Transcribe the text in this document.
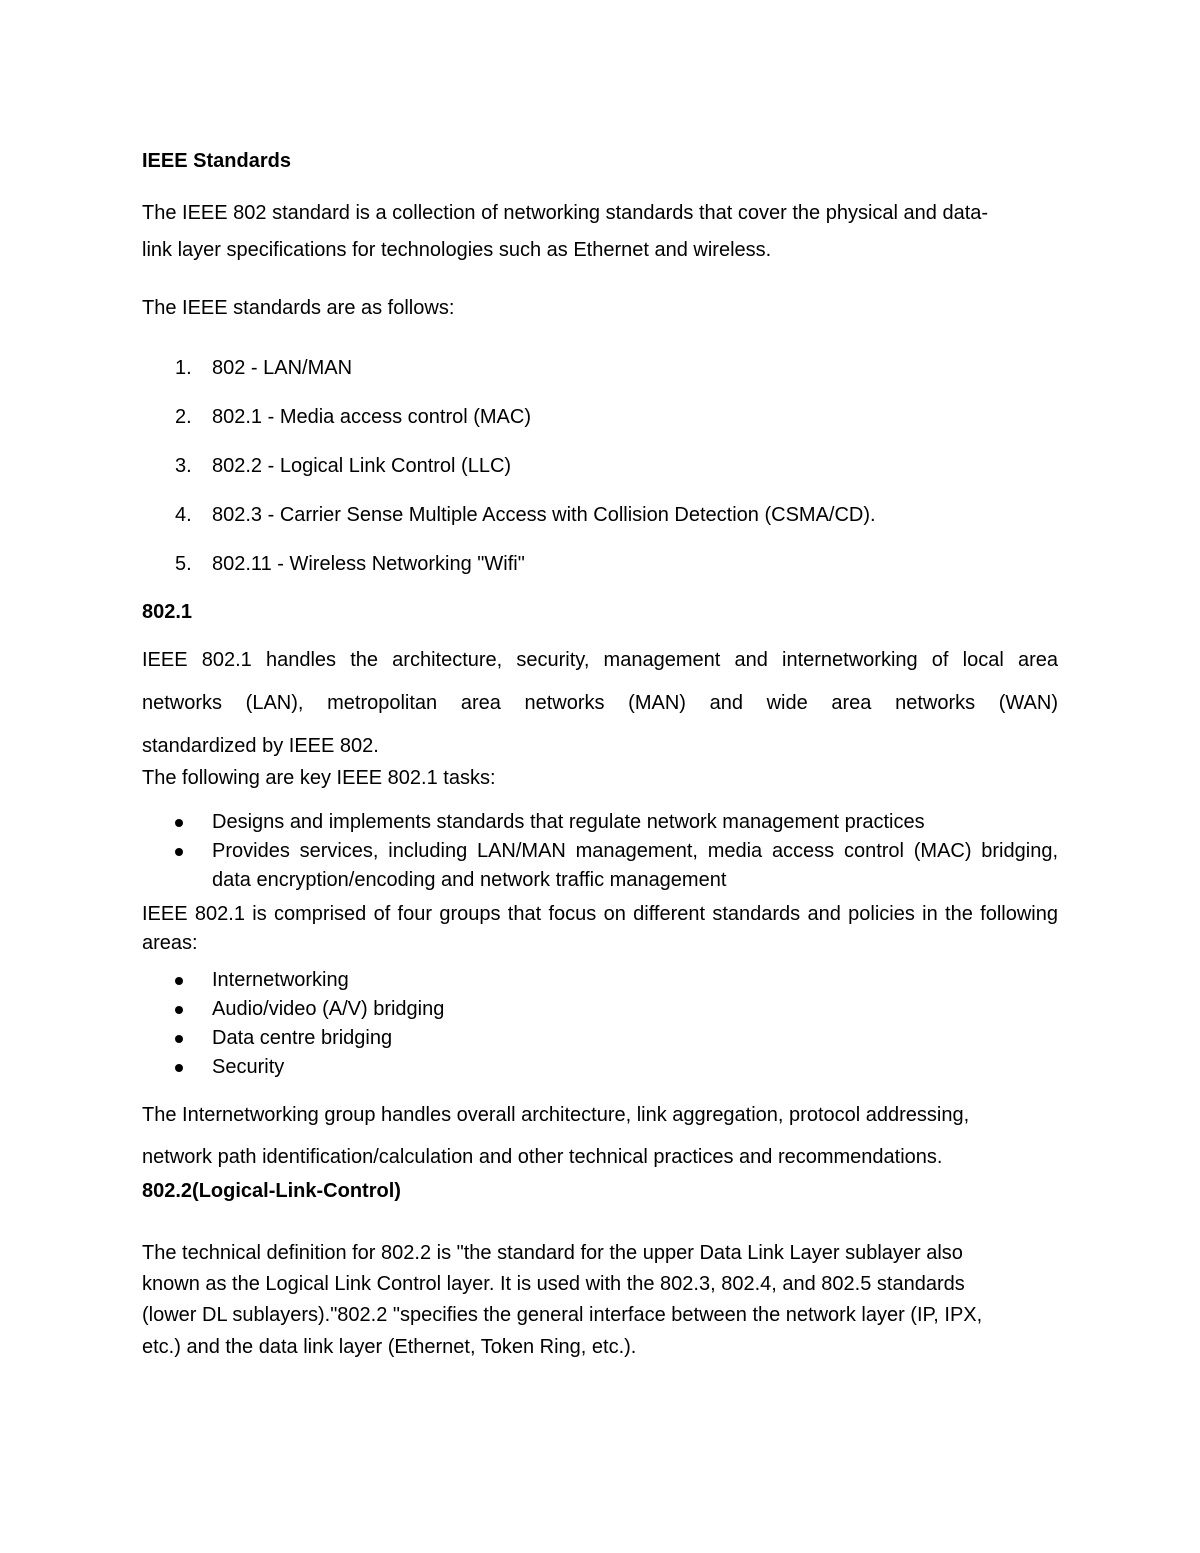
IEEE Standards

The IEEE 802 standard is a collection of networking standards that cover the physical and data-

link layer specifications for technologies such as Ethernet and wireless.

The IEEE standards are as follows:

1.	802 - LAN/MAN
2.	802.1 - Media access control (MAC)
3.	802.2 - Logical Link Control (LLC)
4.	802.3 - Carrier Sense Multiple Access with Collision Detection (CSMA/CD).
5.	802.11 - Wireless Networking "Wifi"

802.1

IEEE 802.1 handles the architecture, security, management and internetworking of local area

networks (LAN), metropolitan area networks (MAN) and wide area networks (WAN)

standardized by IEEE 802.

The following are key IEEE 802.1 tasks:

Designs and implements standards that regulate network management practices
Provides services, including LAN/MAN management, media access control (MAC) bridging, data encryption/encoding and network traffic management

IEEE 802.1 is comprised of four groups that focus on different standards and policies in the following areas:

Internetworking
Audio/video (A/V) bridging
Data centre bridging
Security

The Internetworking group handles overall architecture, link aggregation, protocol addressing,

network path identification/calculation and other technical practices and recommendations.

802.2(Logical-Link-Control)

The technical definition for 802.2 is "the standard for the upper Data Link Layer sublayer also

known as the Logical Link Control layer. It is used with the 802.3, 802.4, and 802.5 standards

(lower DL sublayers)."802.2 "specifies the general interface between the network layer (IP, IPX,

etc.) and the data link layer (Ethernet, Token Ring, etc.).
